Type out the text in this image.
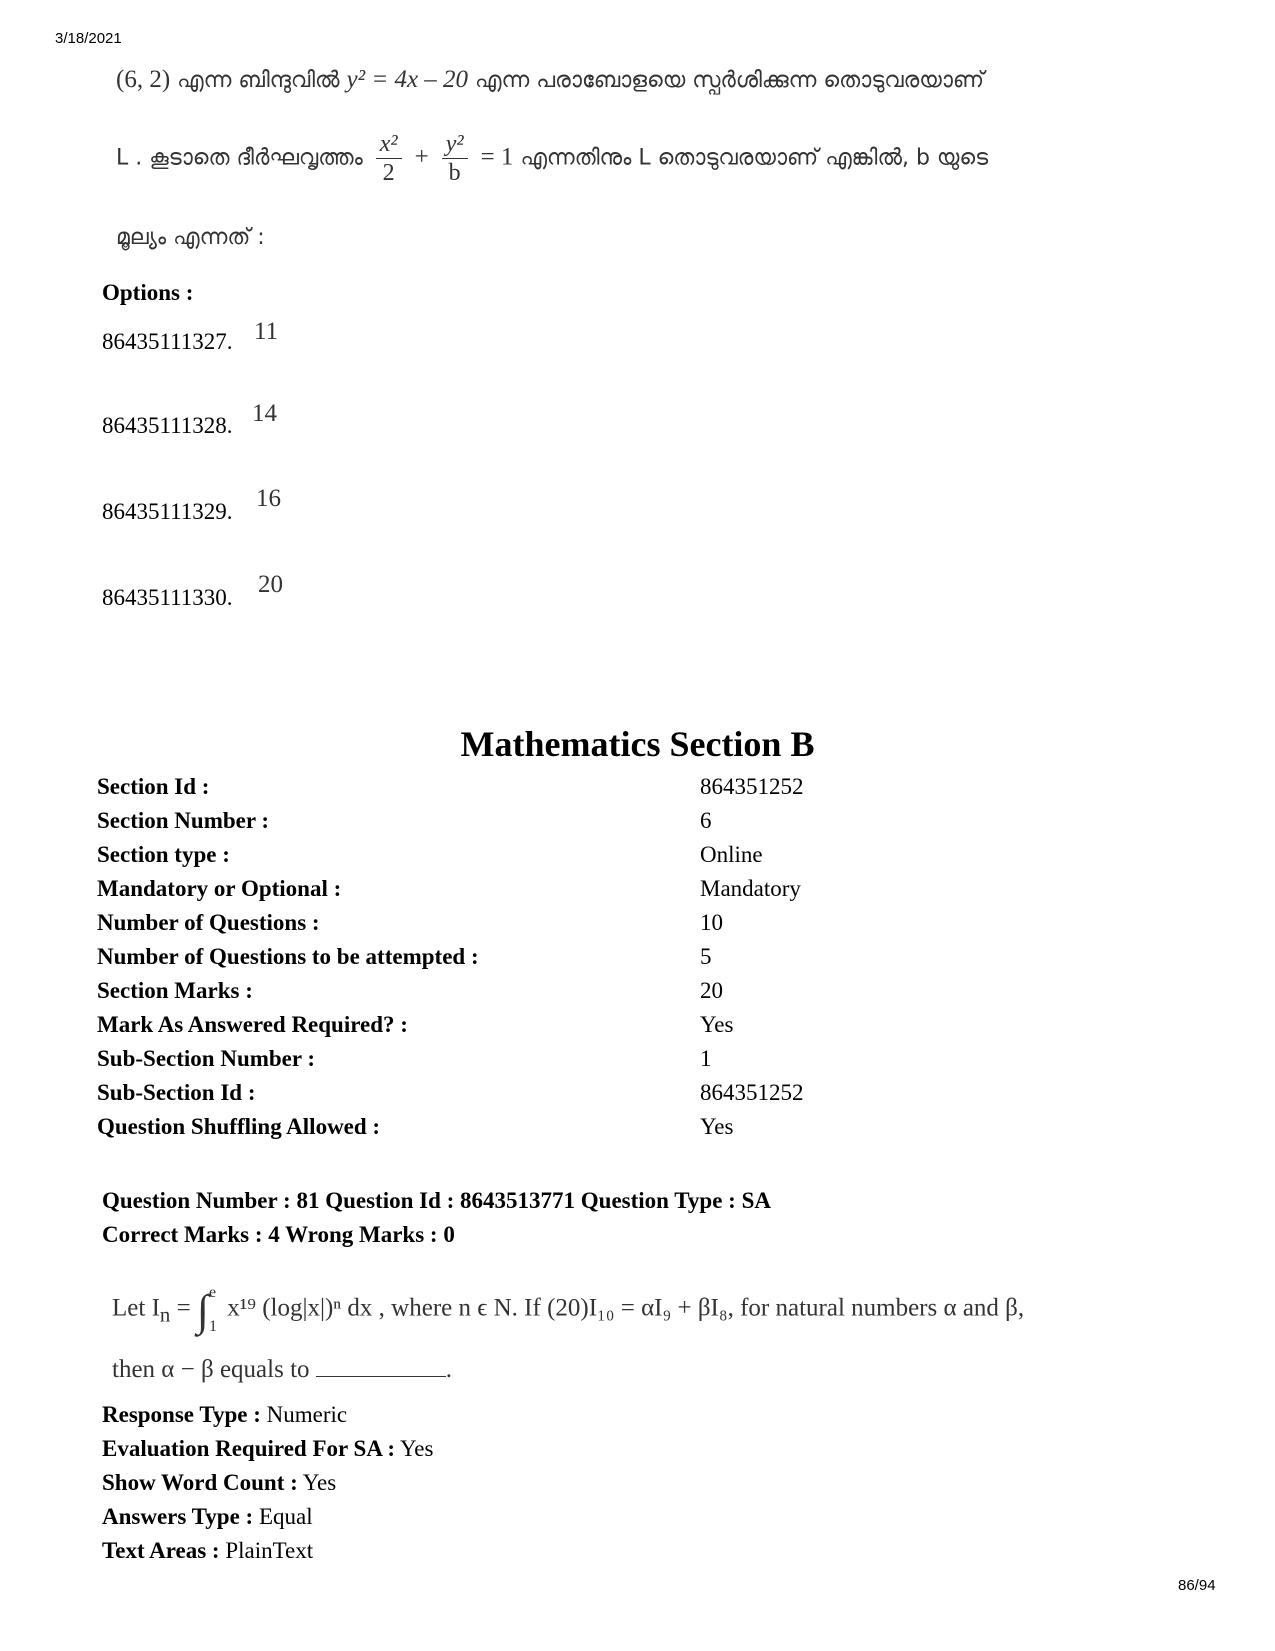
3/18/2021
(6, 2) എന്ന ബിന്ദുവിൽ y² = 4x – 20 എന്ന പരാബോളയെ സ്പർശിക്കുന്ന തൊടുവരയാണ്
L . കൂടാതെ ദീർഘവൃത്തം $\frac{\text{x²}}{2} + \frac{\text{y²}}{b} = 1$ എന്നതിനും L തൊടുവരയാണ് എങ്കിൽ, b യുടെ
മൂല്യം എന്നത് :
Options :
86435111327. 11
86435111328. 14
86435111329. 16
86435111330. 20
Mathematics Section B
Section Id :	864351252
Section Number :	6
Section type :	Online
Mandatory or Optional :	Mandatory
Number of Questions :	10
Number of Questions to be attempted :	5
Section Marks :	20
Mark As Answered Required? :	Yes
Sub-Section Number :	1
Sub-Section Id :	864351252
Question Shuffling Allowed :	Yes
Question Number : 81 Question Id : 8643513771 Question Type : SA
Correct Marks : 4 Wrong Marks : 0
Let $I_n$ = ∫ e
1
x¹⁹ (log|x|)ⁿ dx , where n ϵ N. If (20)I₁₀ = αI₉ + βI₈, for natural numbers α and β,
then α − β equals to	.
Response Type : Numeric
Evaluation Required For SA : Yes
Show Word Count : Yes
Answers Type : Equal
Text Areas : PlainText
86/94
